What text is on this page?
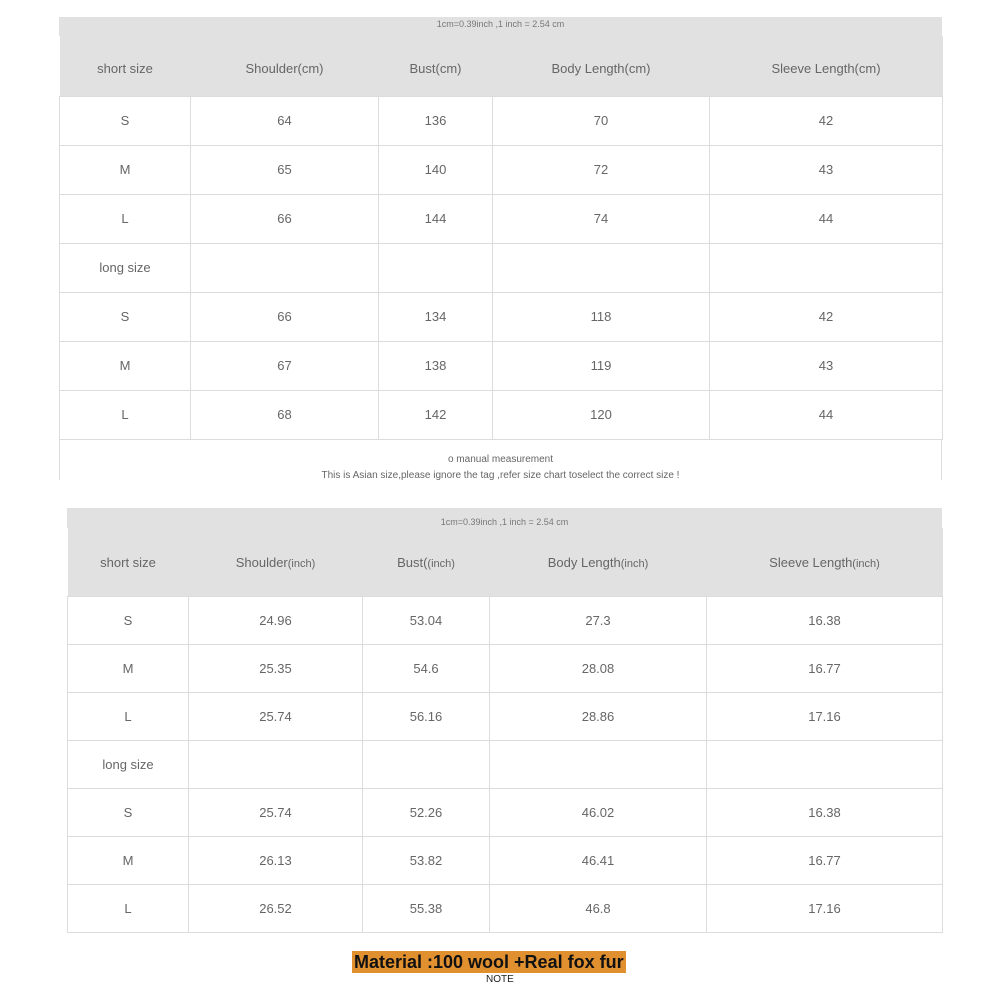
1cm=0.39inch ,1 inch = 2.54 cm
short size	Shoulder(cm)	Bust(cm)	Body Length(cm)	Sleeve Length(cm)
S	64	136	70	42
M	65	140	72	43
L	66	144	74	44
long size				
S	66	134	118	42
M	67	138	119	43
L	68	142	120	44
o manual measurement
This is Asian size,please ignore the tag ,refer size chart toselect the correct size !
1cm=0.39inch ,1 inch = 2.54 cm
short size	Shoulder(inch)	Bust((inch)	Body Length(inch)	Sleeve Length(inch)
S	24.96	53.04	27.3	16.38
M	25.35	54.6	28.08	16.77
L	25.74	56.16	28.86	17.16
long size				
S	25.74	52.26	46.02	16.38
M	26.13	53.82	46.41	16.77
L	26.52	55.38	46.8	17.16
Material :100 wool +Real fox fur
NOTE
